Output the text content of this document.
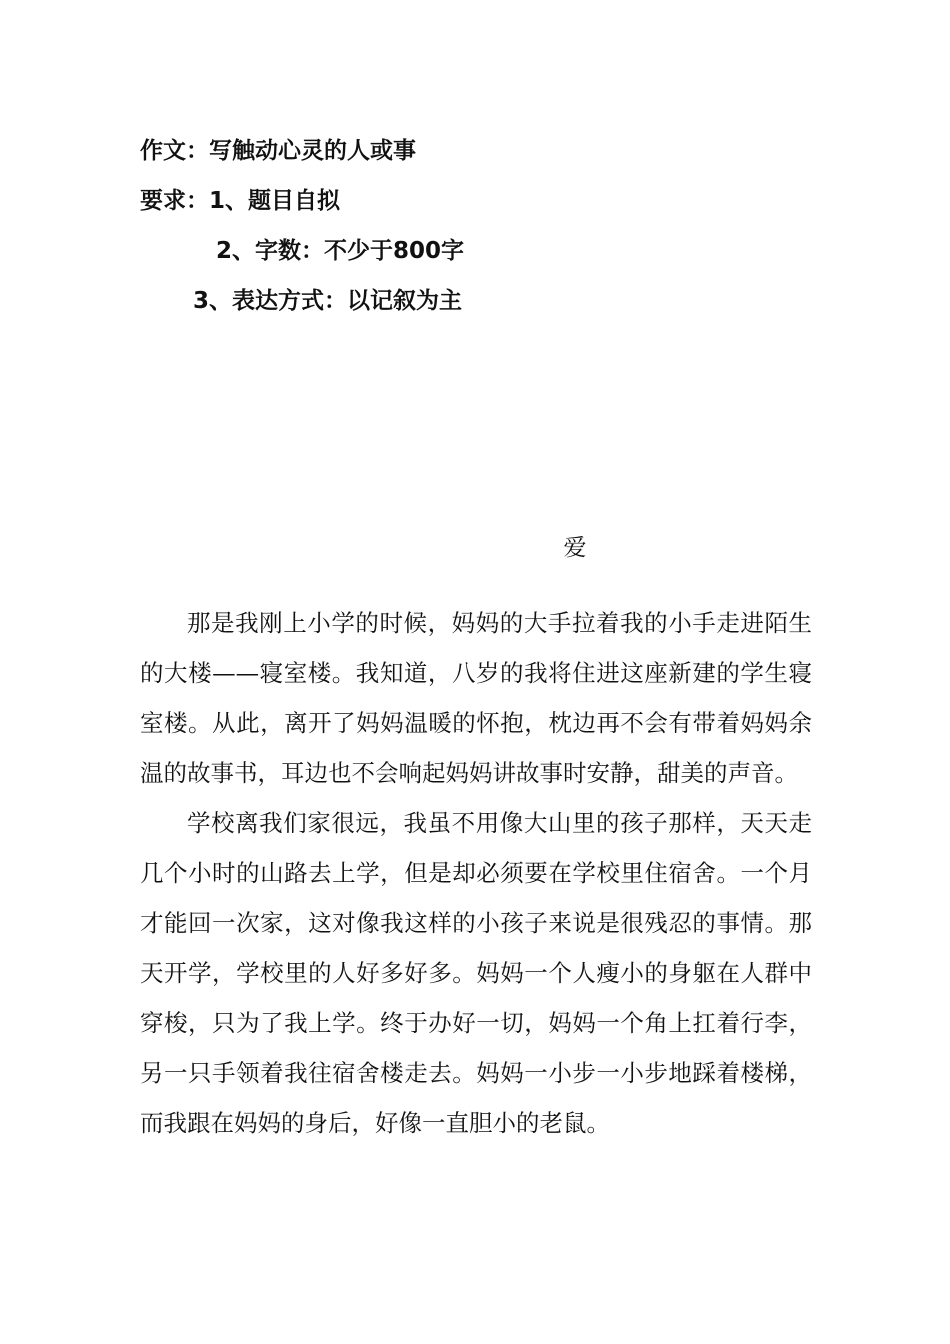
作文：写触动心灵的人或事
要求：1、题目自拟
2、字数：不少于800字
3、表达方式：以记叙为主
爱

那是我刚上小学的时候，妈妈的大手拉着我的小手走进陌生的大楼——寝室楼。我知道，八岁的我将住进这座新建的学生寝室楼。从此，离开了妈妈温暖的怀抱，枕边再不会有带着妈妈余温的故事书，耳边也不会响起妈妈讲故事时安静，甜美的声音。

学校离我们家很远，我虽不用像大山里的孩子那样，天天走几个小时的山路去上学，但是却必须要在学校里住宿舍。一个月才能回一次家，这对像我这样的小孩子来说是很残忍的事情。那天开学，学校里的人好多好多。妈妈一个人瘦小的身躯在人群中穿梭，只为了我上学。终于办好一切，妈妈一个角上扛着行李，另一只手领着我往宿舍楼走去。妈妈一小步一小步地踩着楼梯，而我跟在妈妈的身后，好像一直胆小的老鼠。
